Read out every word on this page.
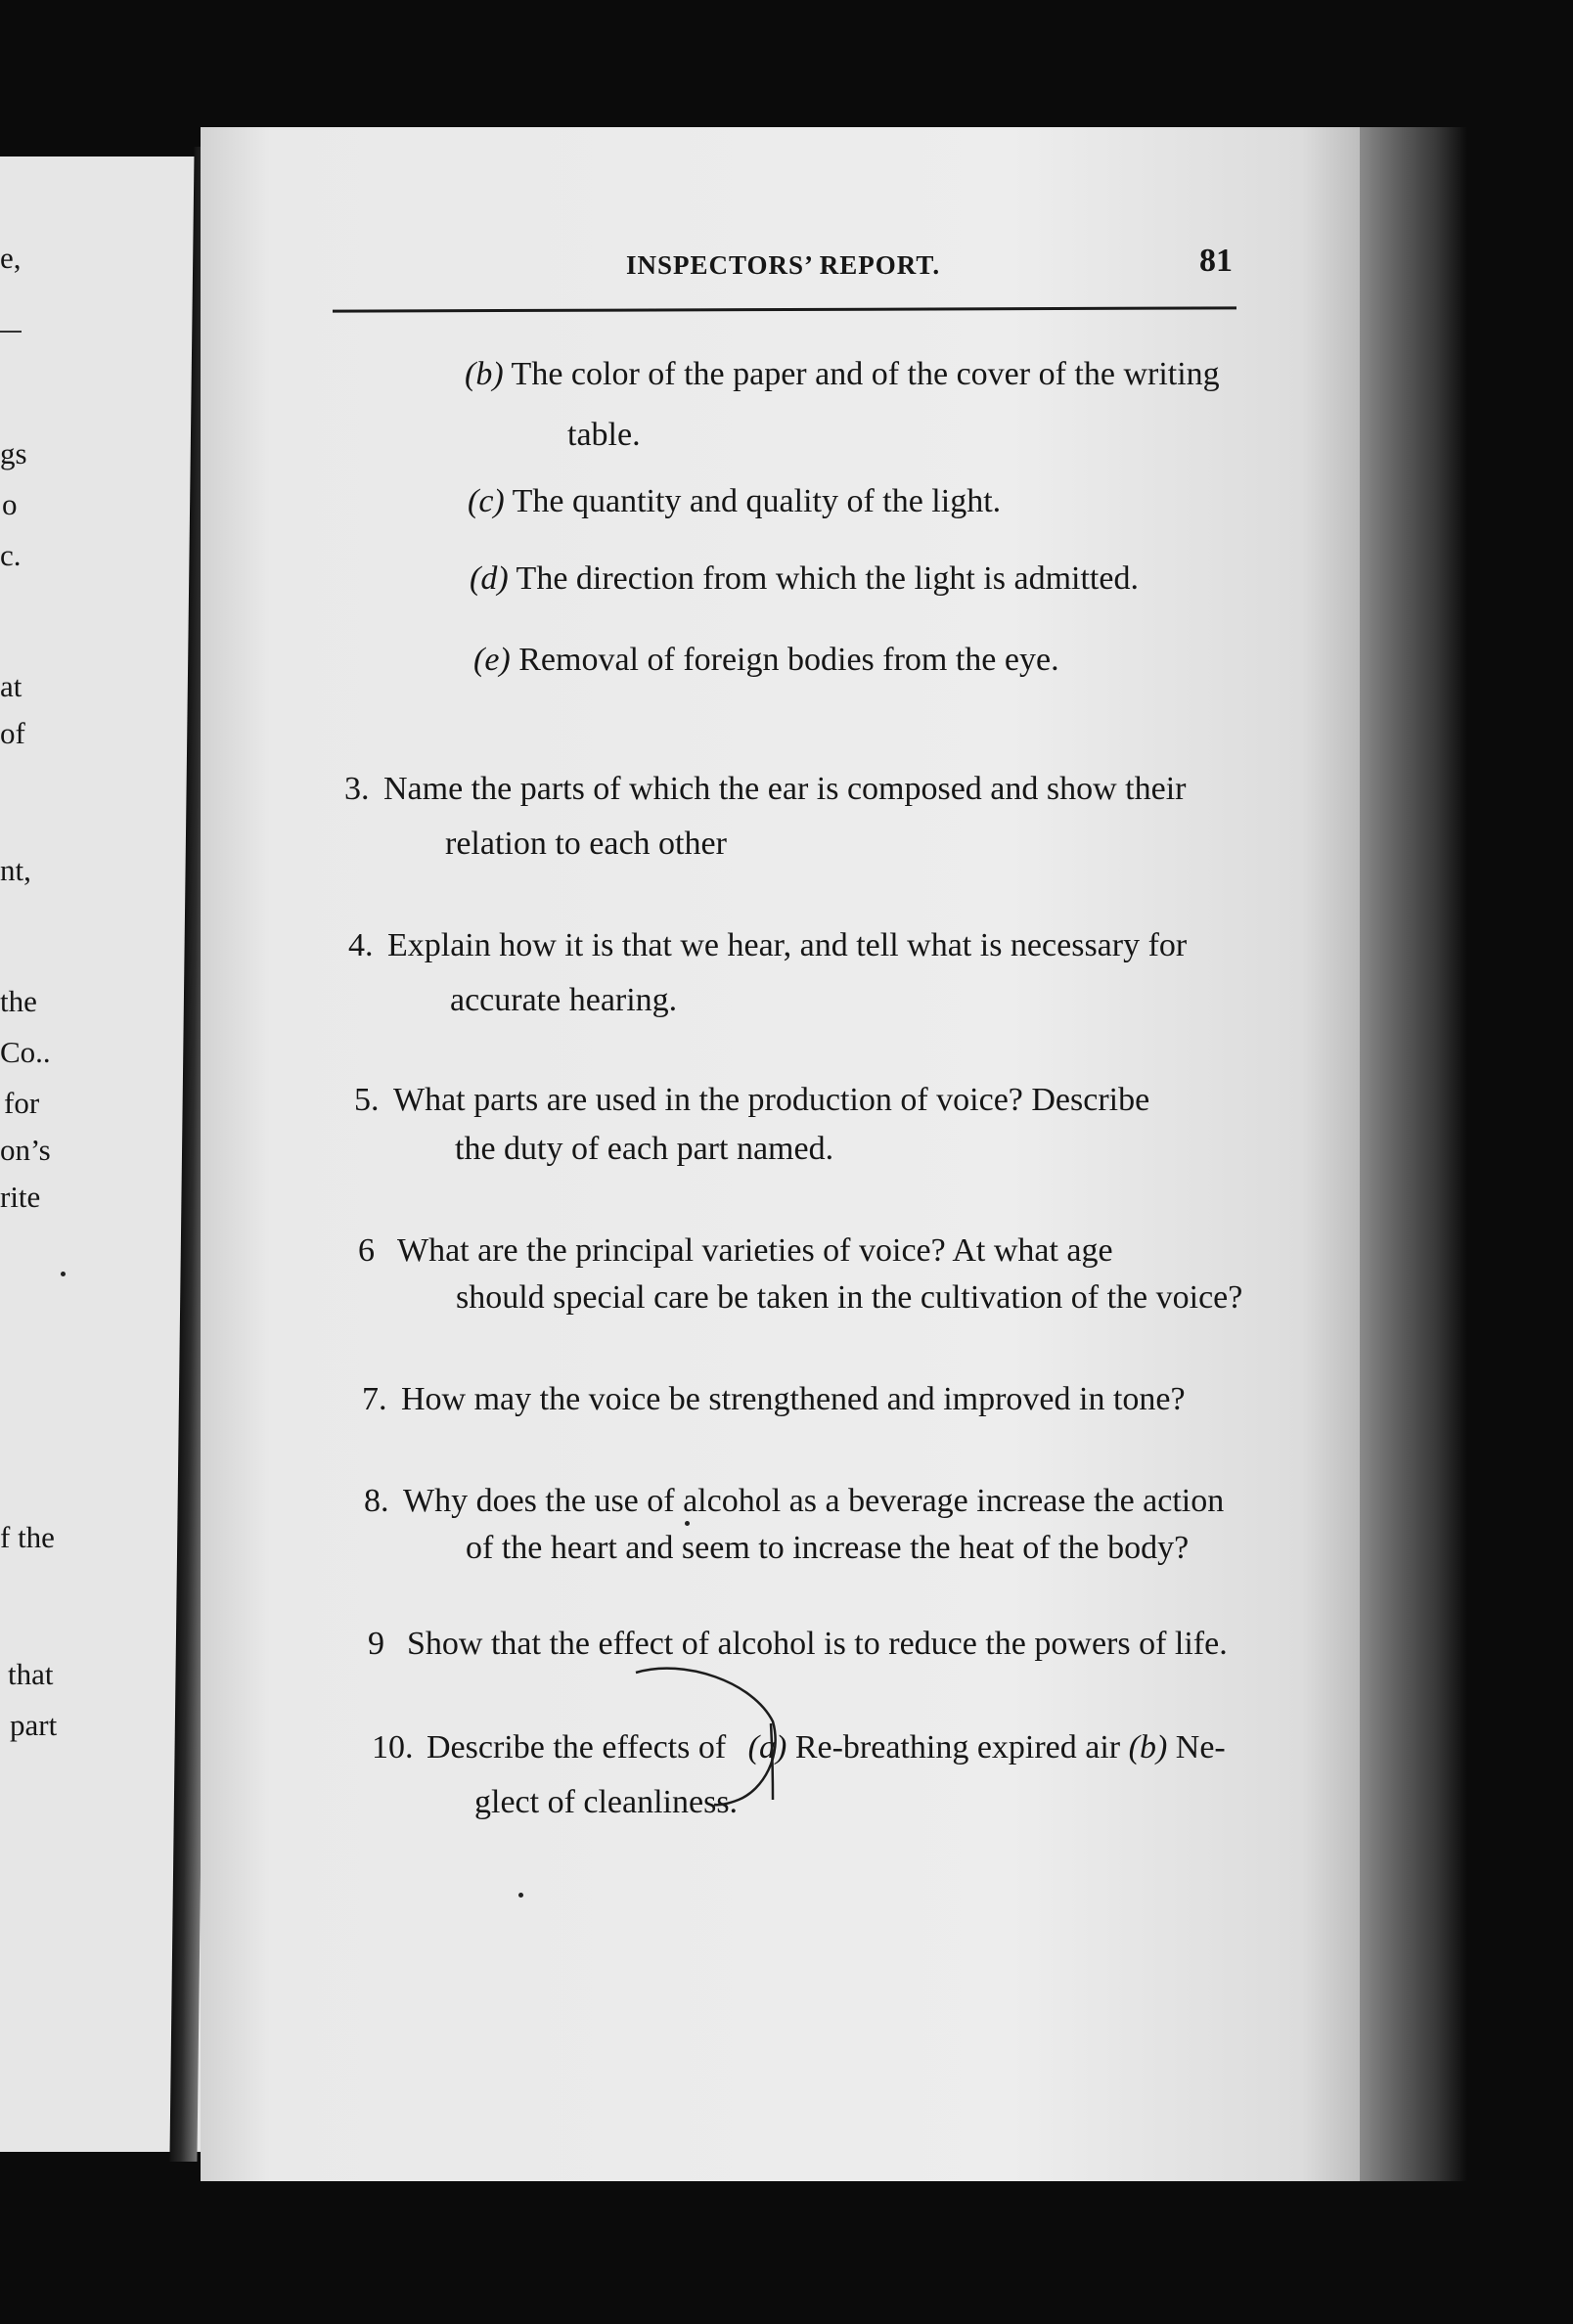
e,
gs
o
c.
at
of
nt,
the
Co..
for
on’s
rite
f the
that
part
INSPECTORS’ REPORT.	81
(b) The color of the paper and of the cover of the writing
table.
(c) The quantity and quality of the light.
(d) The direction from which the light is admitted.
(e) Removal of foreign bodies from the eye.
3. Name the parts of which the ear is composed and show their
relation to each other
4. Explain how it is that we hear, and tell what is necessary for
accurate hearing.
5. What parts are used in the production of voice? Describe
the duty of each part named.
6 What are the principal varieties of voice? At what age
should special care be taken in the cultivation of the voice?
7. How may the voice be strengthened and improved in tone?
8. Why does the use of alcohol as a beverage increase the action
of the heart and seem to increase the heat of the body?
9 Show that the effect of alcohol is to reduce the powers of life.
10. Describe the effects of (a) Re-breathing expired air (b) Ne-
glect of cleanliness.
